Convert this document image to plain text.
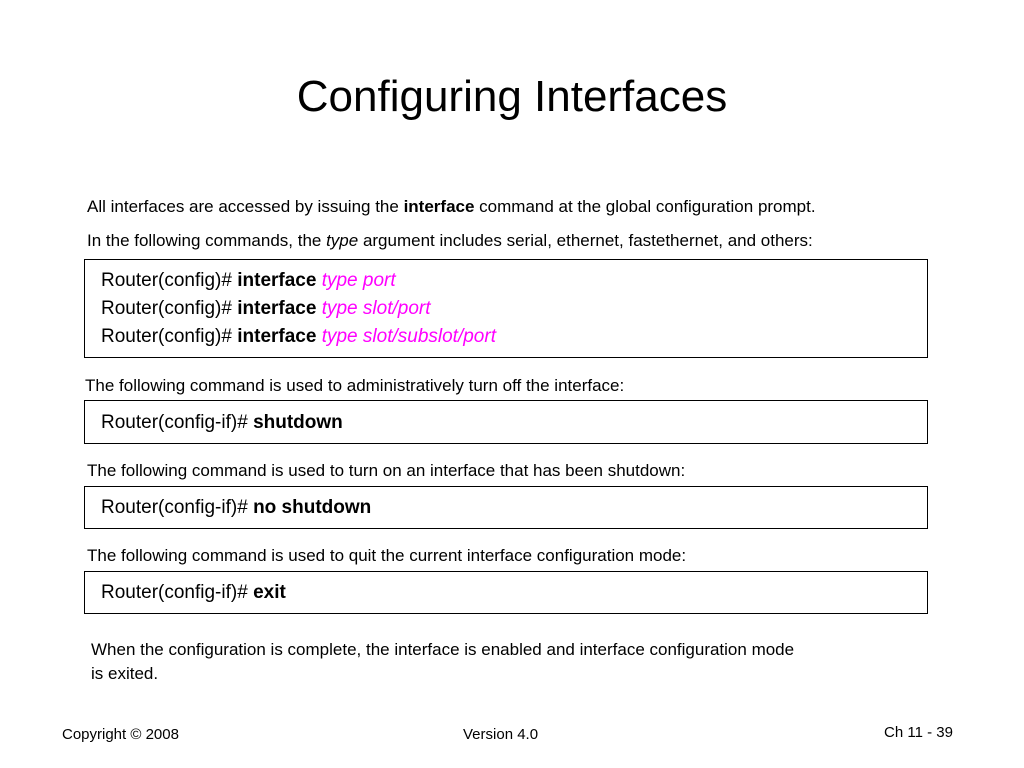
Configuring Interfaces
All interfaces are accessed by issuing the interface command at the global configuration prompt.
In the following commands, the type argument includes serial, ethernet, fastethernet, and others:
Router(config)# interface type port
Router(config)# interface type slot/port
Router(config)# interface type slot/subslot/port
The following command is used to administratively turn off the interface:
Router(config-if)# shutdown
The following command is used to turn on an interface that has been shutdown:
Router(config-if)# no shutdown
The following command is used to quit the current interface configuration mode:
Router(config-if)# exit
When the configuration is complete, the interface is enabled and interface configuration mode
is exited.
Copyright © 2008	Version 4.0	Ch 11 - 39
